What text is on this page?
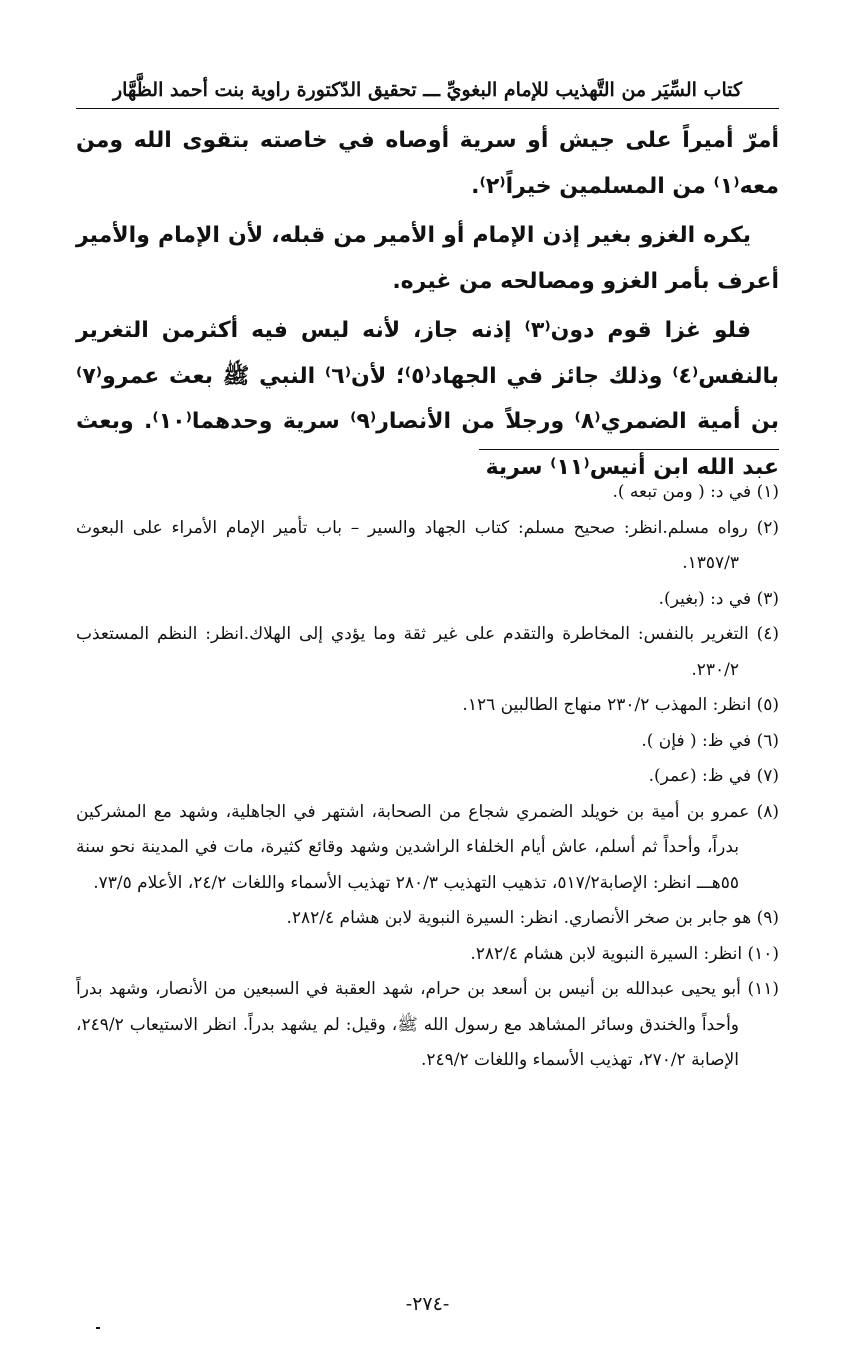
كتاب السِّيَر من التَّهذيب للإمام البغويِّ ـــ تحقيق الدّكتورة راوية بنت أحمد الظَّهَّار

أمرّ أميراً على جيش أو سرية أوصاه في خاصته بتقوى الله ومن معه⁽١⁾ من المسلمين خيراً⁽٢⁾.

يكره الغزو بغير إذن الإمام أو الأمير من قبله، لأن الإمام والأمير أعرف بأمر الغزو ومصالحه من غيره.

فلو غزا قوم دون⁽٣⁾ إذنه جاز، لأنه ليس فيه أكثرمن التغرير بالنفس⁽٤⁾ وذلك جائز في الجهاد⁽٥⁾؛ لأن⁽٦⁾ النبي ﷺ بعث عمرو⁽٧⁾ بن أمية الضمري⁽٨⁾ ورجلاً من الأنصار⁽٩⁾ سرية وحدهما⁽١٠⁾. وبعث عبد الله ابن أنيس⁽١١⁾ سرية

(١) في د: ( ومن تبعه ).

(٢) رواه مسلم.انظر: صحيح مسلم: كتاب الجهاد والسير – باب تأمير الإمام الأمراء على البعوث ١٣٥٧/٣.

(٣) في د: (بغير).

(٤) التغرير بالنفس: المخاطرة والتقدم على غير ثقة وما يؤدي إلى الهلاك.انظر: النظم المستعذب ٢٣٠/٢.

(٥) انظر: المهذب ٢٣٠/٢ منهاج الطالبين ١٢٦.

(٦) في ظ: ( فإن ).

(٧) في ظ: (عمر).

(٨) عمرو بن أمية بن خويلد الضمري شجاع من الصحابة، اشتهر في الجاهلية، وشهد مع المشركين بدراً، وأحداً ثم أسلم، عاش أيام الخلفاء الراشدين وشهد وقائع كثيرة، مات في المدينة نحو سنة ٥٥هـــ انظر: الإصابة٥١٧/٢، تذهيب التهذيب ٢٨٠/٣ تهذيب الأسماء واللغات ٢٤/٢، الأعلام ٧٣/٥.

(٩) هو جابر بن صخر الأنصاري. انظر: السيرة النبوية لابن هشام ٢٨٢/٤.

(١٠) انظر: السيرة النبوية لابن هشام ٢٨٢/٤.

(١١) أبو يحيى عبدالله بن أنيس بن أسعد بن حرام، شهد العقبة في السبعين من الأنصار، وشهد بدراً وأحداً والخندق وسائر المشاهد مع رسول الله ﷺ، وقيل: لم يشهد بدراً. انظر الاستيعاب ٢٤٩/٢، الإصابة ٢٧٠/٢، تهذيب الأسماء واللغات ٢٤٩/٢.

-٢٧٤-
